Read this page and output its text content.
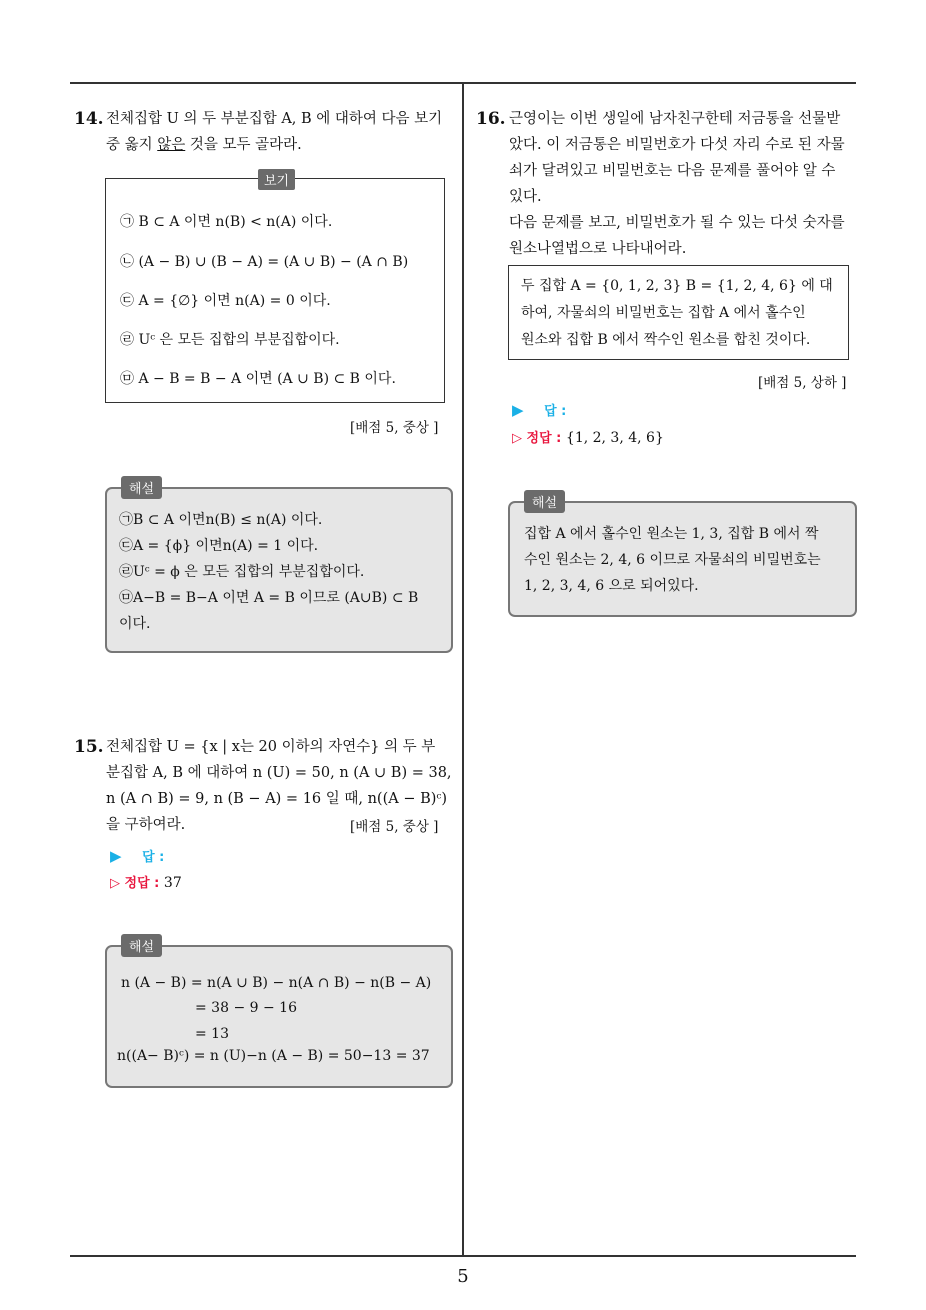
14. 전체집합 U 의 두 부분집합 A, B 에 대하여 다음 보기
중 옳지 않은 것을 모두 골라라.
보기
㉠ B ⊂ A 이면 n(B) < n(A) 이다.
㉡ (A − B) ∪ (B − A) = (A ∪ B) − (A ∩ B)
㉢ A = {∅} 이면 n(A) = 0 이다.
㉣ Uᶜ 은 모든 집합의 부분집합이다.
㉤ A − B = B − A 이면 (A ∪ B) ⊂ B 이다.
[배점 5, 중상 ]
해설
㉠B ⊂ A 이면n(B) ≤ n(A) 이다.
㉢A = {ϕ} 이면n(A) = 1 이다.
㉣Uᶜ = ϕ 은 모든 집합의 부분집합이다.
㉤A−B = B−A 이면 A = B 이므로 (A∪B) ⊂ B
이다.
15. 전체집합 U = {x | x는 20 이하의 자연수} 의 두 부
분집합 A, B 에 대하여 n (U) = 50, n (A ∪ B) = 38,
n (A ∩ B) = 9, n (B − A) = 16 일 때, n((A − B)ᶜ)
을 구하여라.	[배점 5, 중상 ]
▶ 답 :
▷ 정답 : 37
해설
n (A − B) = n(A ∪ B) − n(A ∩ B) − n(B − A)
= 38 − 9 − 16
= 13
n((A− B)ᶜ) = n (U)−n (A − B) = 50−13 = 37
16. 근영이는 이번 생일에 남자친구한테 저금통을 선물받
았다. 이 저금통은 비밀번호가 다섯 자리 수로 된 자물
쇠가 달려있고 비밀번호는 다음 문제를 풀어야 알 수
있다.
다음 문제를 보고, 비밀번호가 될 수 있는 다섯 숫자를
원소나열법으로 나타내어라.
두 집합 A = {0, 1, 2, 3} B = {1, 2, 4, 6} 에 대
하여, 자물쇠의 비밀번호는 집합 A 에서 홀수인
원소와 집합 B 에서 짝수인 원소를 합친 것이다.
[배점 5, 상하 ]
▶ 답 :
▷ 정답 : {1, 2, 3, 4, 6}
해설
집합 A 에서 홀수인 원소는 1, 3, 집합 B 에서 짝
수인 원소는 2, 4, 6 이므로 자물쇠의 비밀번호는
1, 2, 3, 4, 6 으로 되어있다.
5
